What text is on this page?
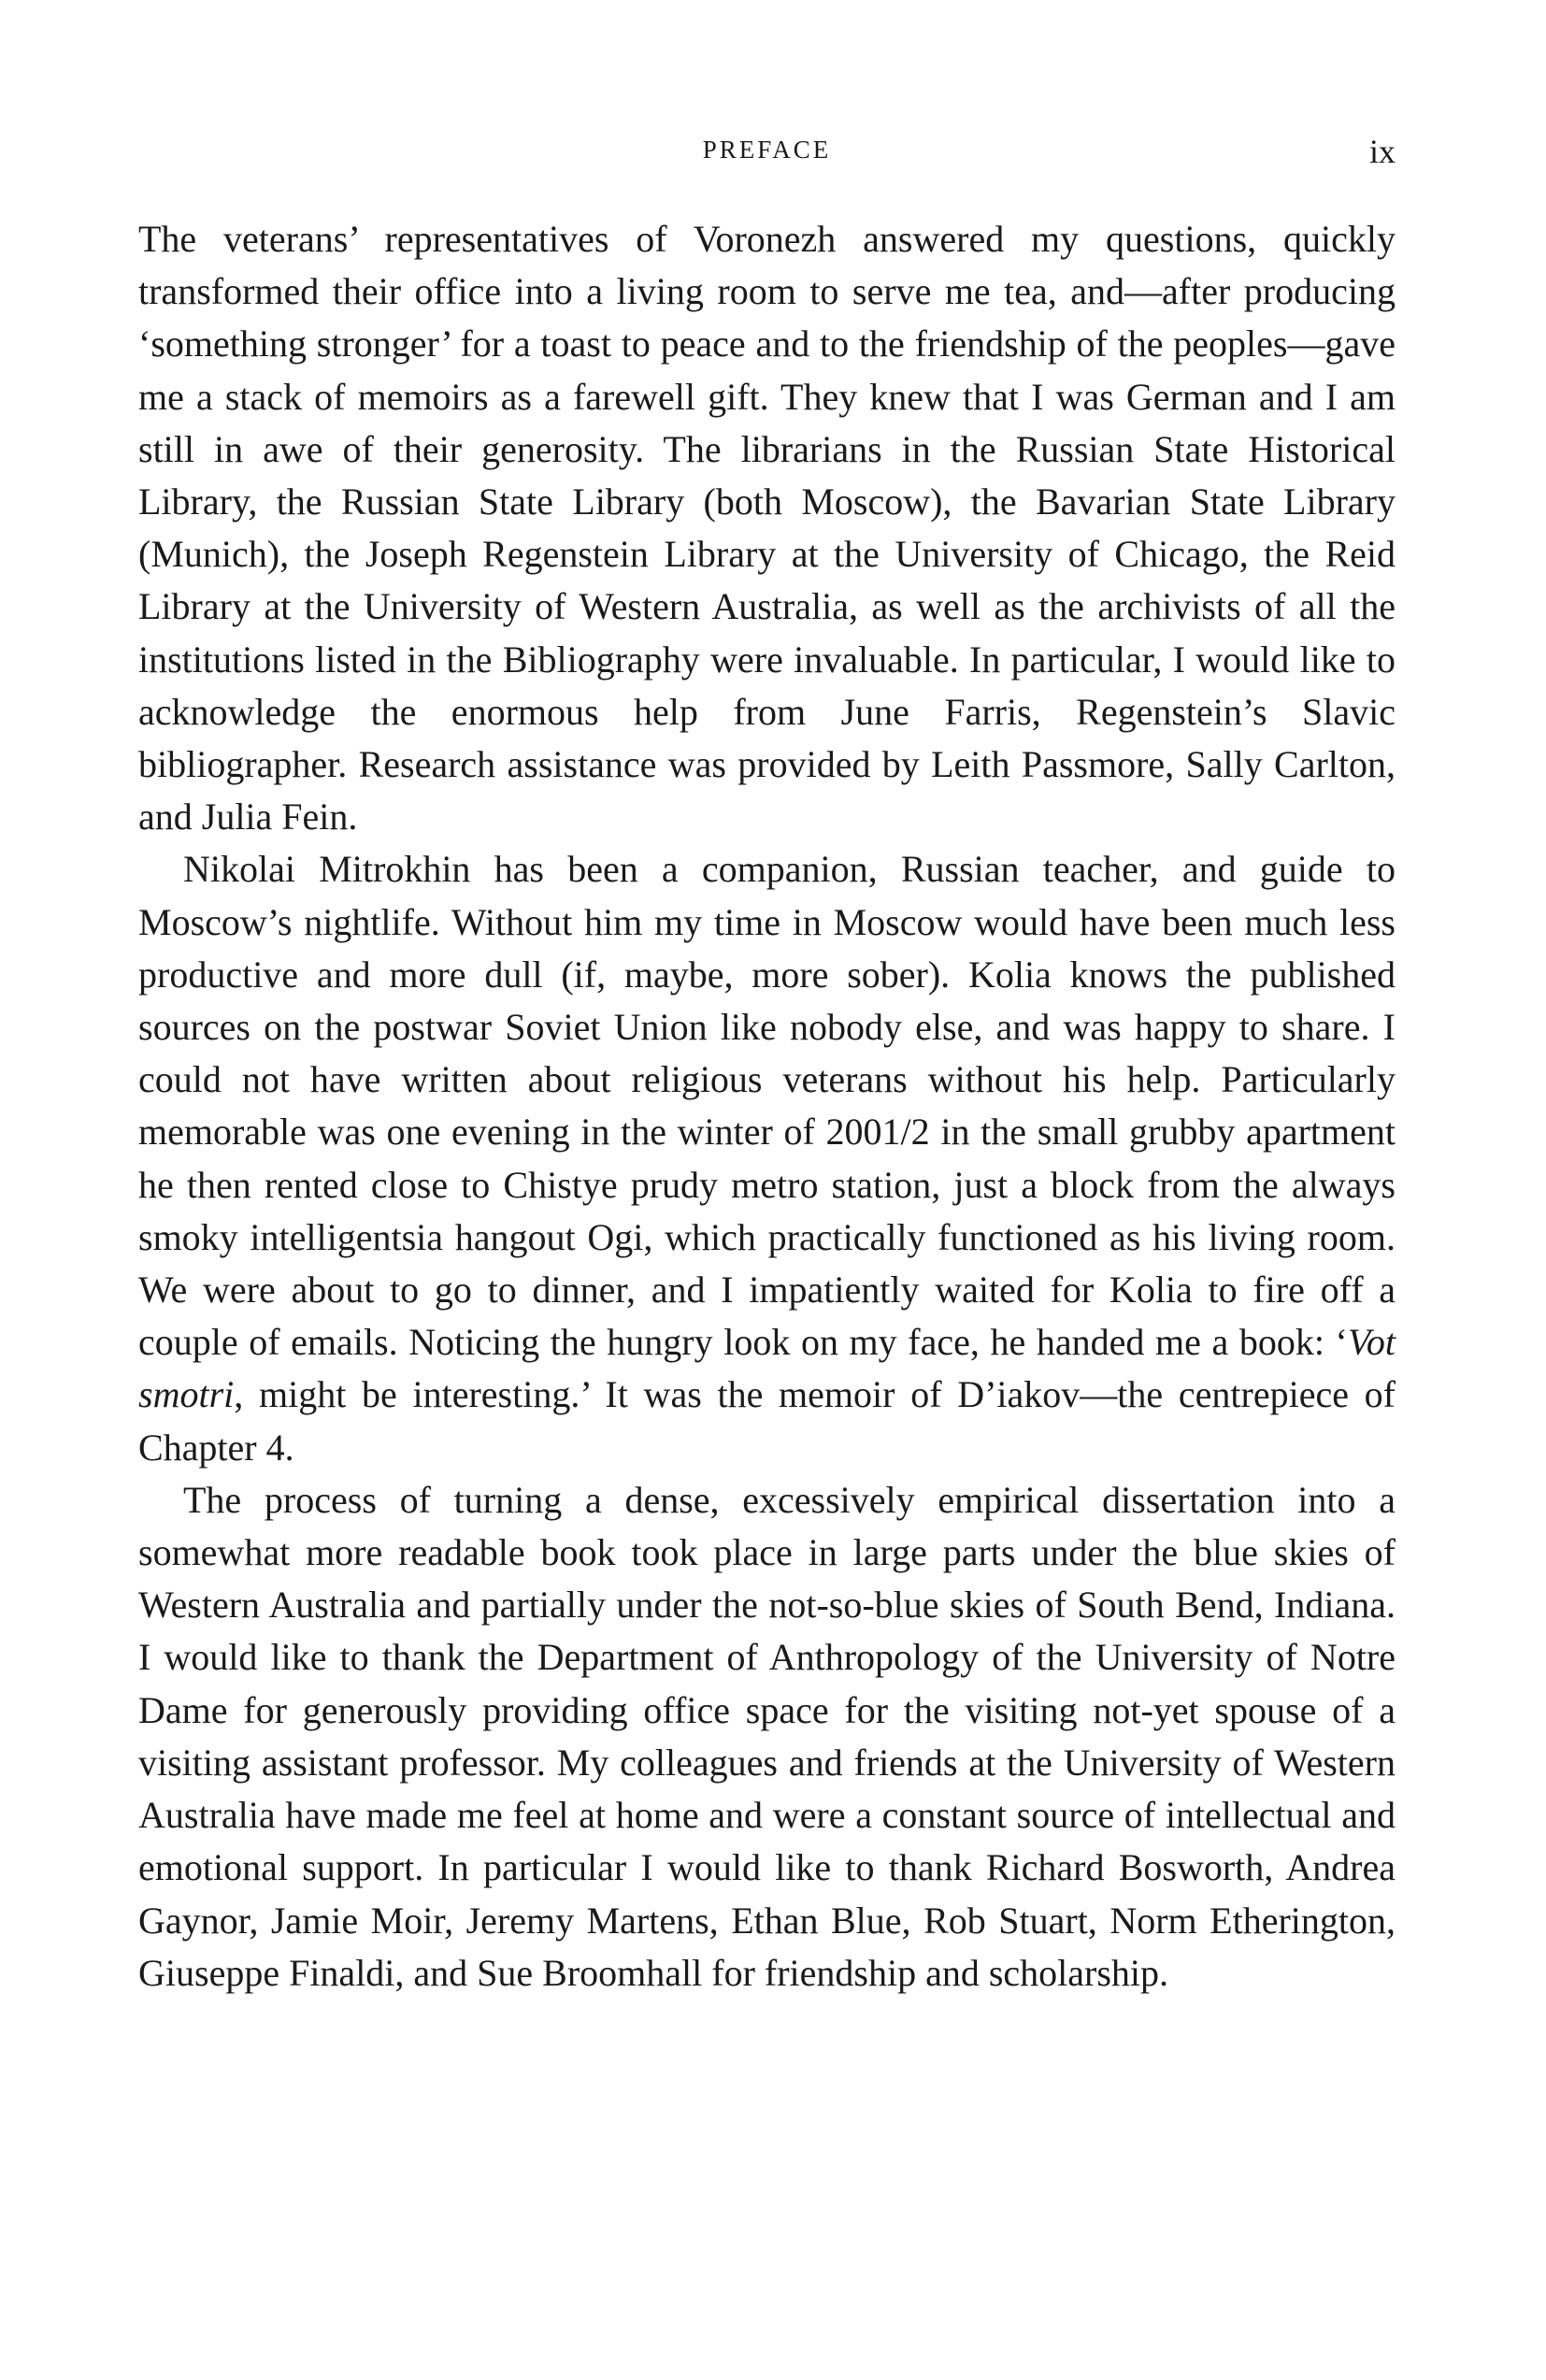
PREFACE	ix

The veterans’ representatives of Voronezh answered my questions, quickly transformed their office into a living room to serve me tea, and—after producing ‘something stronger’ for a toast to peace and to the friendship of the peoples—gave me a stack of memoirs as a farewell gift. They knew that I was German and I am still in awe of their generosity. The librarians in the Russian State Historical Library, the Russian State Library (both Moscow), the Bavarian State Library (Munich), the Joseph Regenstein Library at the University of Chicago, the Reid Library at the University of Western Australia, as well as the archivists of all the institutions listed in the Bibliography were invaluable. In particular, I would like to acknowledge the enormous help from June Farris, Regenstein’s Slavic bibliographer. Research assistance was provided by Leith Passmore, Sally Carlton, and Julia Fein.

Nikolai Mitrokhin has been a companion, Russian teacher, and guide to Moscow’s nightlife. Without him my time in Moscow would have been much less productive and more dull (if, maybe, more sober). Kolia knows the published sources on the postwar Soviet Union like nobody else, and was happy to share. I could not have written about religious veterans without his help. Particularly memorable was one evening in the winter of 2001/2 in the small grubby apartment he then rented close to Chistye prudy metro station, just a block from the always smoky intelligentsia hangout Ogi, which practically functioned as his living room. We were about to go to dinner, and I impatiently waited for Kolia to fire off a couple of emails. Noticing the hungry look on my face, he handed me a book: ‘Vot smotri, might be interesting.’ It was the memoir of D’iakov—the centrepiece of Chapter 4.

The process of turning a dense, excessively empirical dissertation into a somewhat more readable book took place in large parts under the blue skies of Western Australia and partially under the not-so-blue skies of South Bend, Indiana. I would like to thank the Department of Anthropology of the University of Notre Dame for generously providing office space for the visiting not-yet spouse of a visiting assistant professor. My colleagues and friends at the University of Western Australia have made me feel at home and were a constant source of intellectual and emotional support. In particular I would like to thank Richard Bosworth, Andrea Gaynor, Jamie Moir, Jeremy Martens, Ethan Blue, Rob Stuart, Norm Etherington, Giuseppe Finaldi, and Sue Broomhall for friendship and scholarship.
